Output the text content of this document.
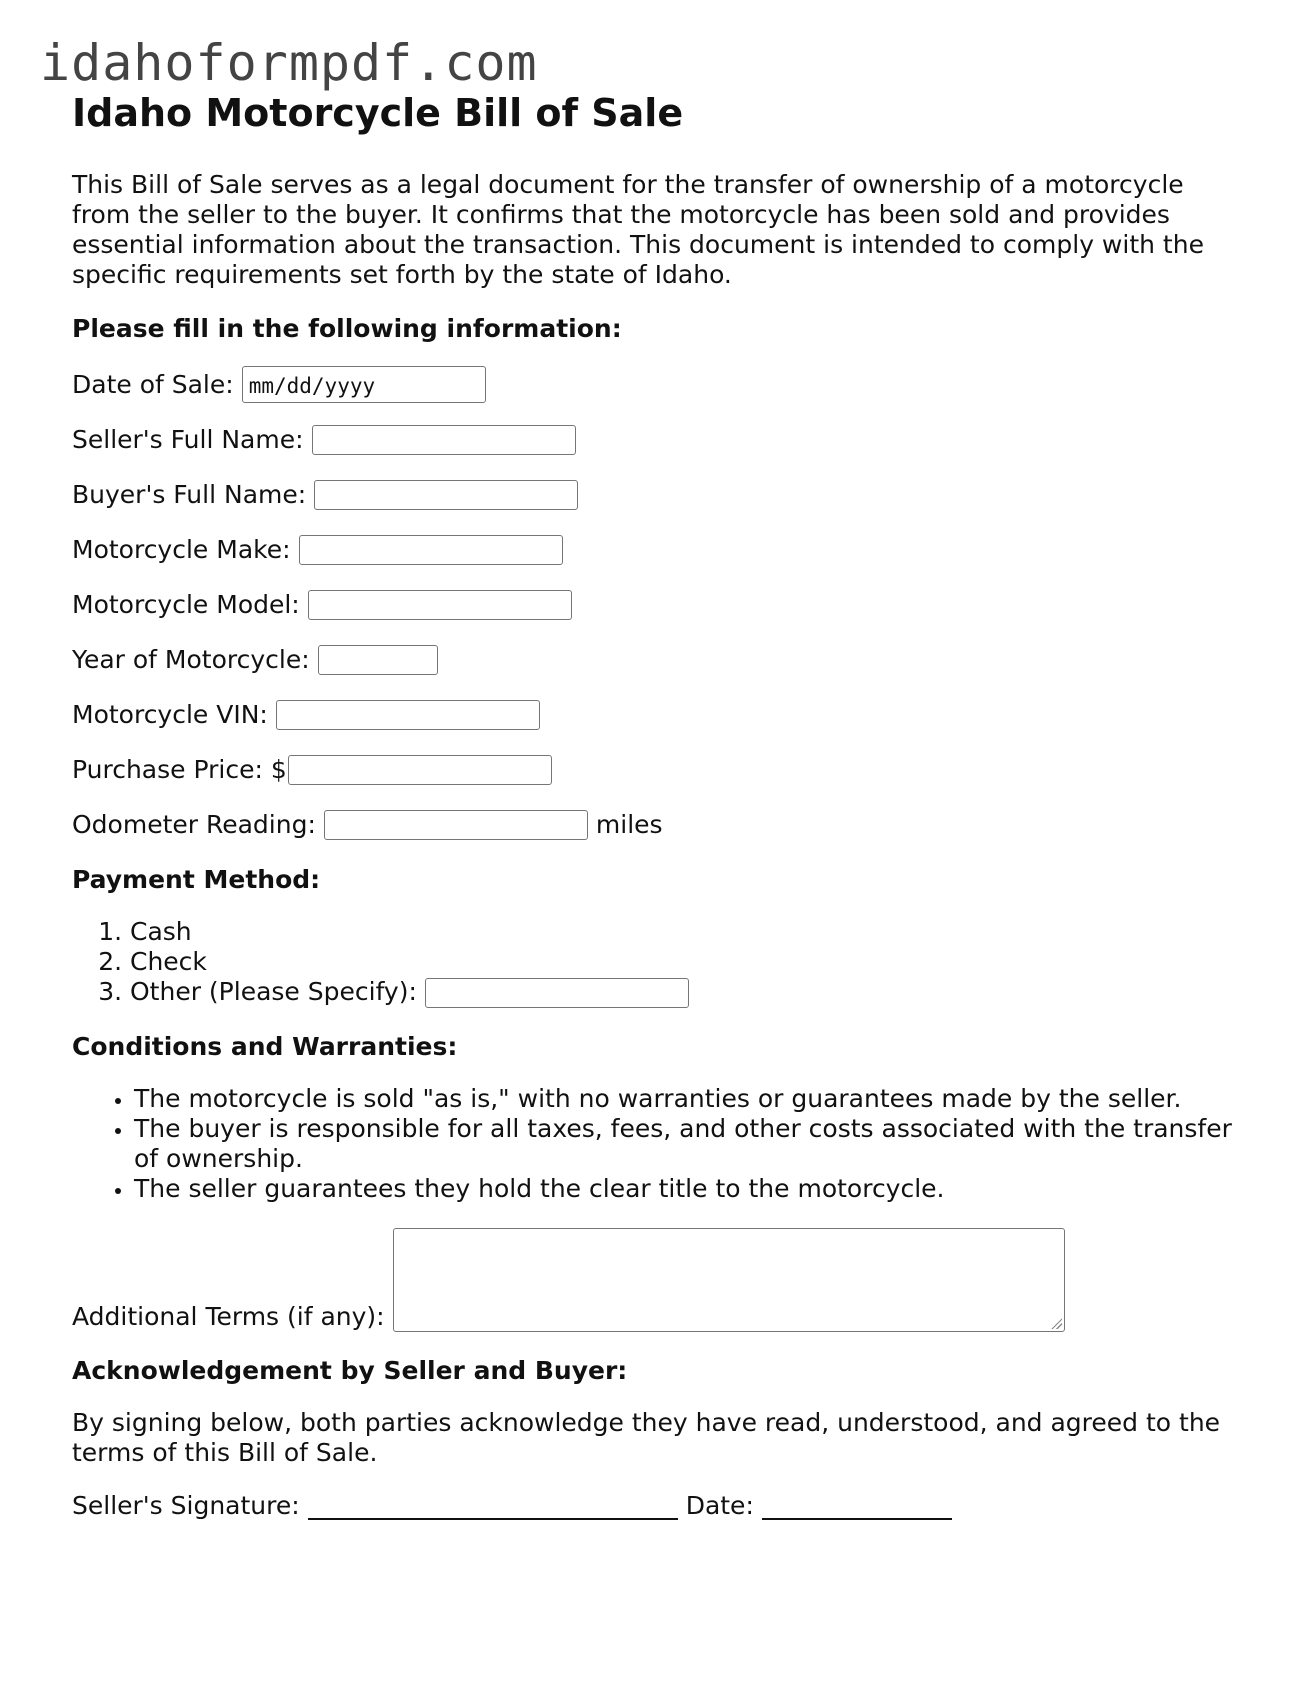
idahoformpdf.com
Idaho Motorcycle Bill of Sale

This Bill of Sale serves as a legal document for the transfer of ownership of a motorcycle from the seller to the buyer. It confirms that the motorcycle has been sold and provides essential information about the transaction. This document is intended to comply with the specific requirements set forth by the state of Idaho.

Please fill in the following information:
Date of Sale: mm/dd/yyyy
Seller's Full Name:
Buyer's Full Name:
Motorcycle Make:
Motorcycle Model:
Year of Motorcycle:
Motorcycle VIN:
Purchase Price: $
Odometer Reading:	miles
Payment Method:
1. Cash
2. Check
3. Other (Please Specify):
Conditions and Warranties:
• The motorcycle is sold "as is," with no warranties or guarantees made by the seller.
• The buyer is responsible for all taxes, fees, and other costs associated with the transfer of ownership.
• The seller guarantees they hold the clear title to the motorcycle.
Additional Terms (if any):
Acknowledgement by Seller and Buyer:

By signing below, both parties acknowledge they have read, understood, and agreed to the terms of this Bill of Sale.

Seller's Signature:	Date:
